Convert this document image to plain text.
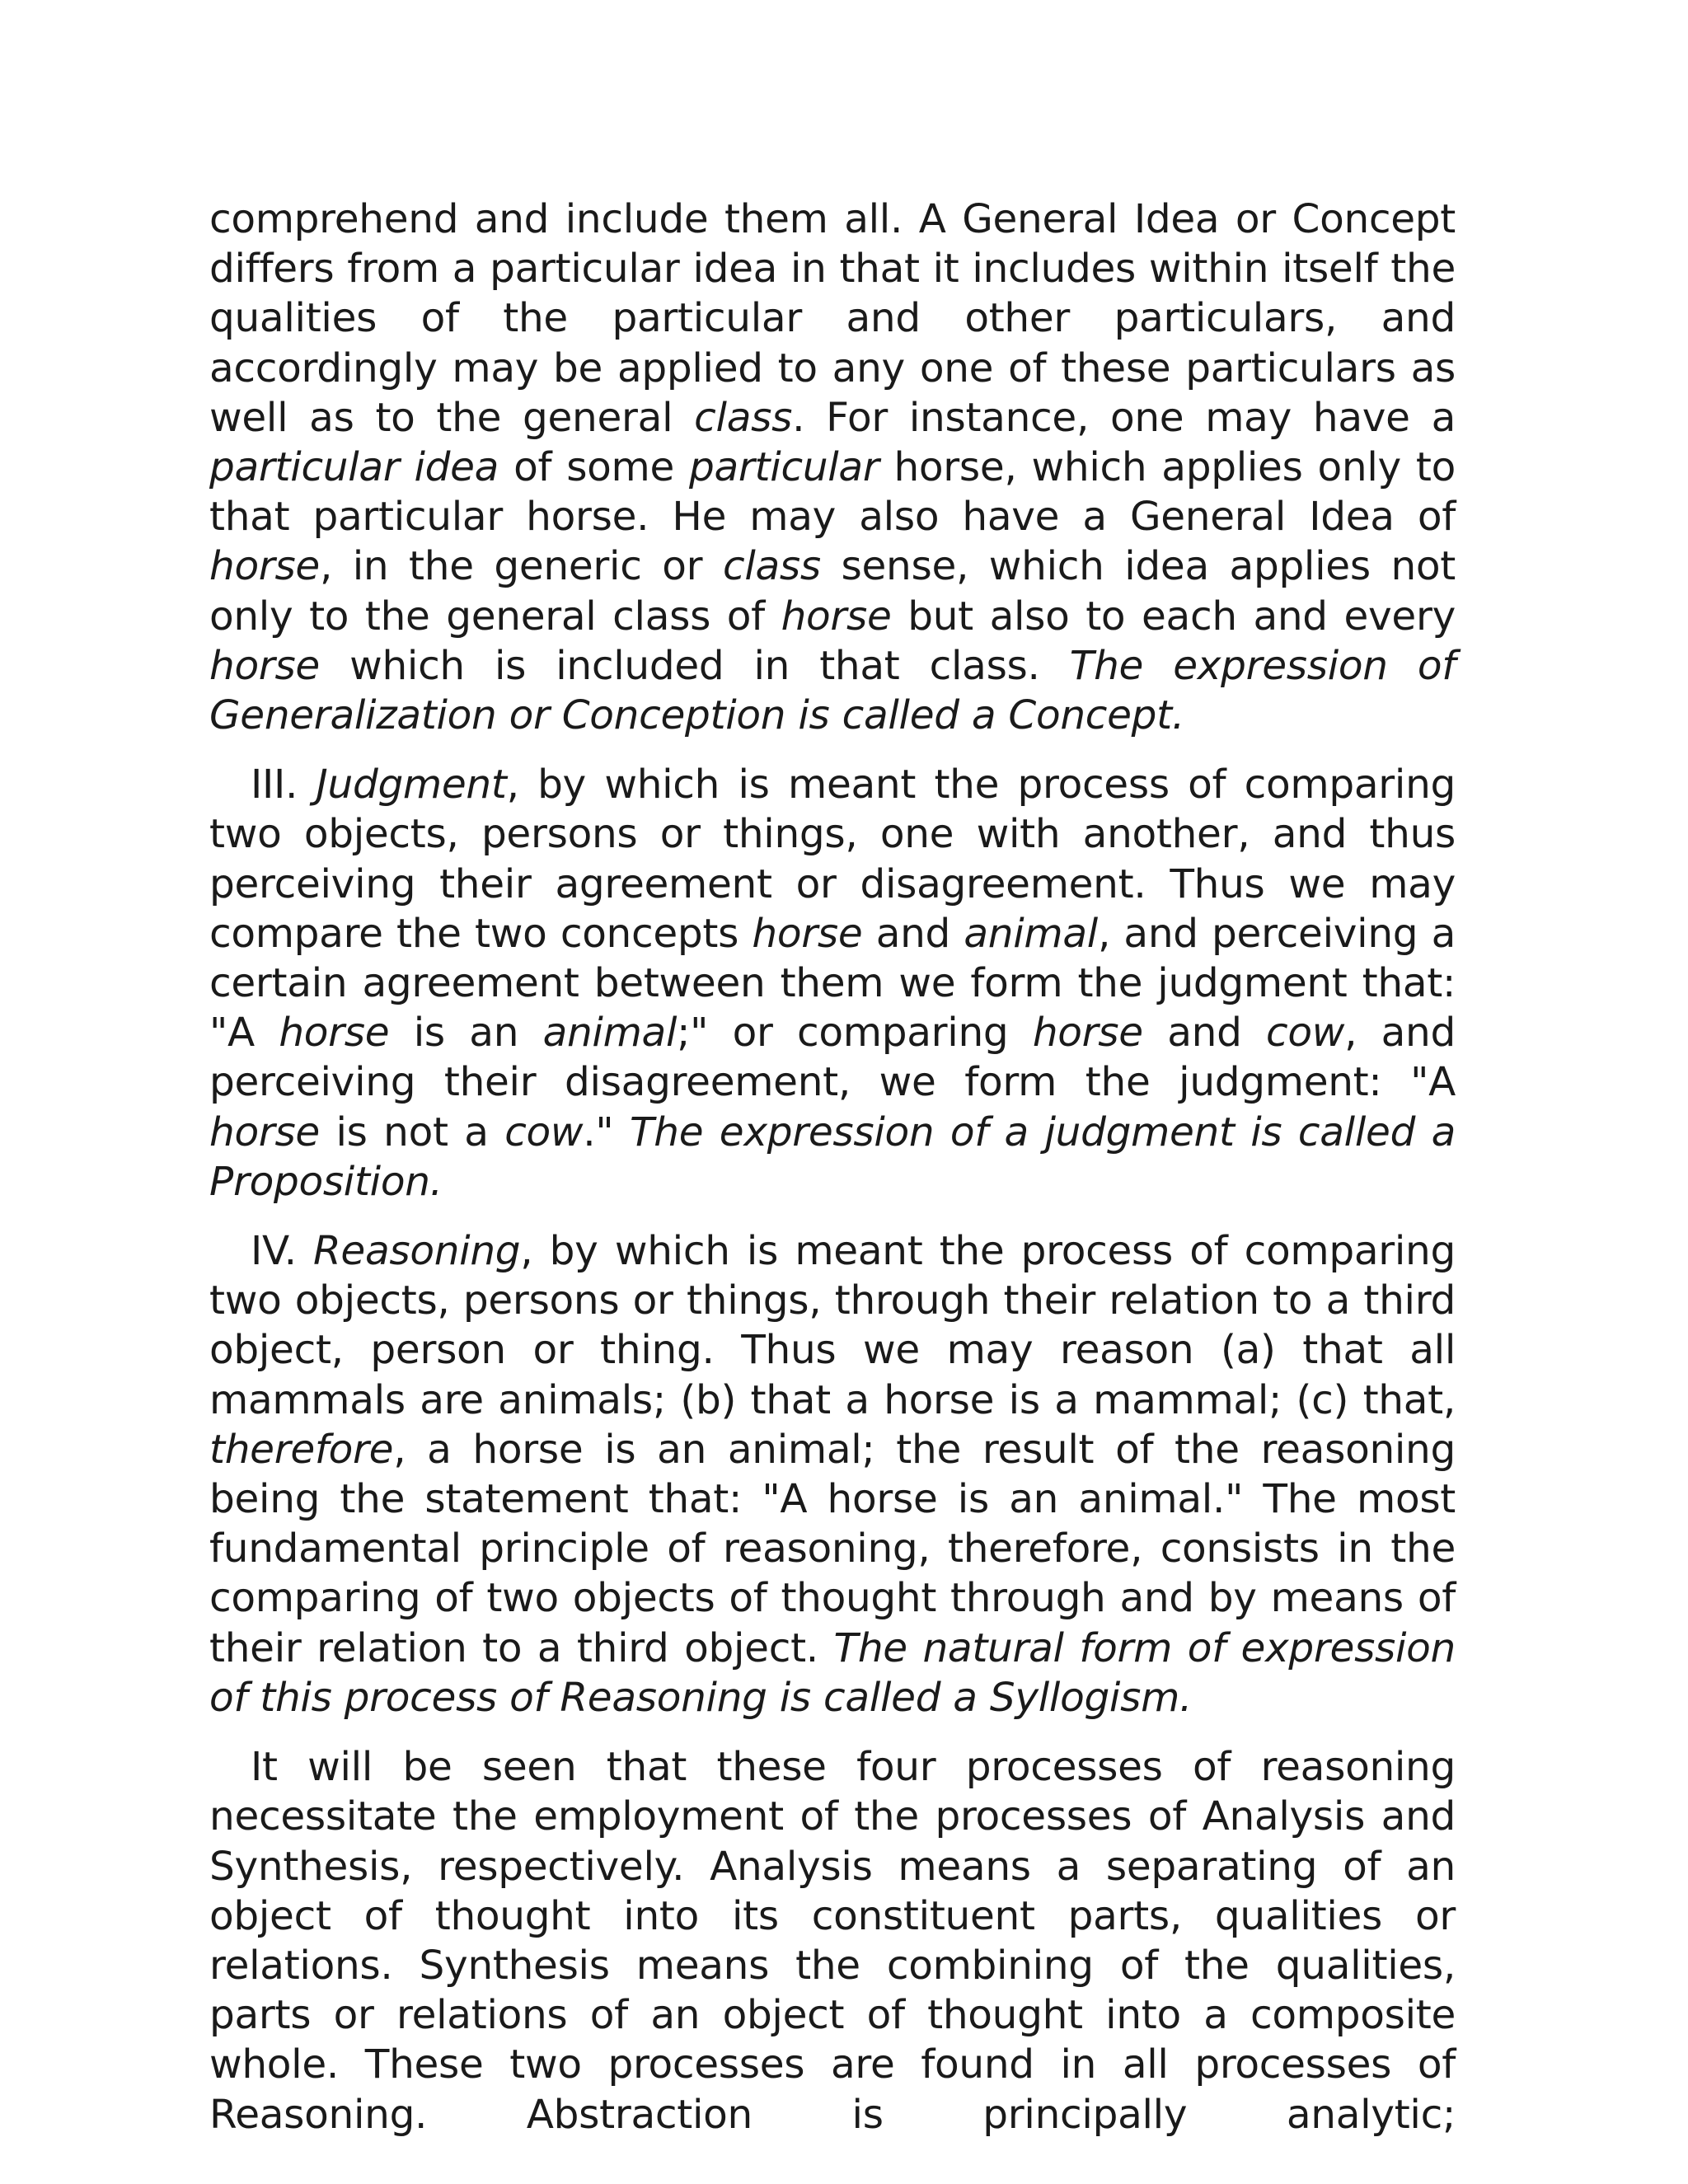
comprehend and include them all. A General Idea or Concept differs from a particular idea in that it includes within itself the qualities of the particular and other particulars, and accordingly may be applied to any one of these particulars as well as to the general class. For instance, one may have a particular idea of some particular horse, which applies only to that particular horse. He may also have a General Idea of horse, in the generic or class sense, which idea applies not only to the general class of horse but also to each and every horse which is included in that class. The expression of Generalization or Conception is called a Concept.

III. Judgment, by which is meant the process of comparing two objects, persons or things, one with another, and thus perceiving their agreement or disagreement. Thus we may compare the two concepts horse and animal, and perceiving a certain agreement between them we form the judgment that: "A horse is an animal;" or comparing horse and cow, and perceiving their disagreement, we form the judgment: "A horse is not a cow." The expression of a judgment is called a Proposition.

IV. Reasoning, by which is meant the process of comparing two objects, persons or things, through their relation to a third object, person or thing. Thus we may reason (a) that all mammals are animals; (b) that a horse is a mammal; (c) that, therefore, a horse is an animal; the result of the reasoning being the statement that: "A horse is an animal." The most fundamental principle of reasoning, therefore, consists in the comparing of two objects of thought through and by means of their relation to a third object. The natural form of expression of this process of Reasoning is called a Syllogism.

It will be seen that these four processes of reasoning necessitate the employment of the processes of Analysis and Synthesis, respectively. Analysis means a separating of an object of thought into its constituent parts, qualities or relations. Synthesis means the combining of the qualities, parts or relations of an object of thought into a composite whole. These two processes are found in all processes of Reasoning. Abstraction is principally analytic;
